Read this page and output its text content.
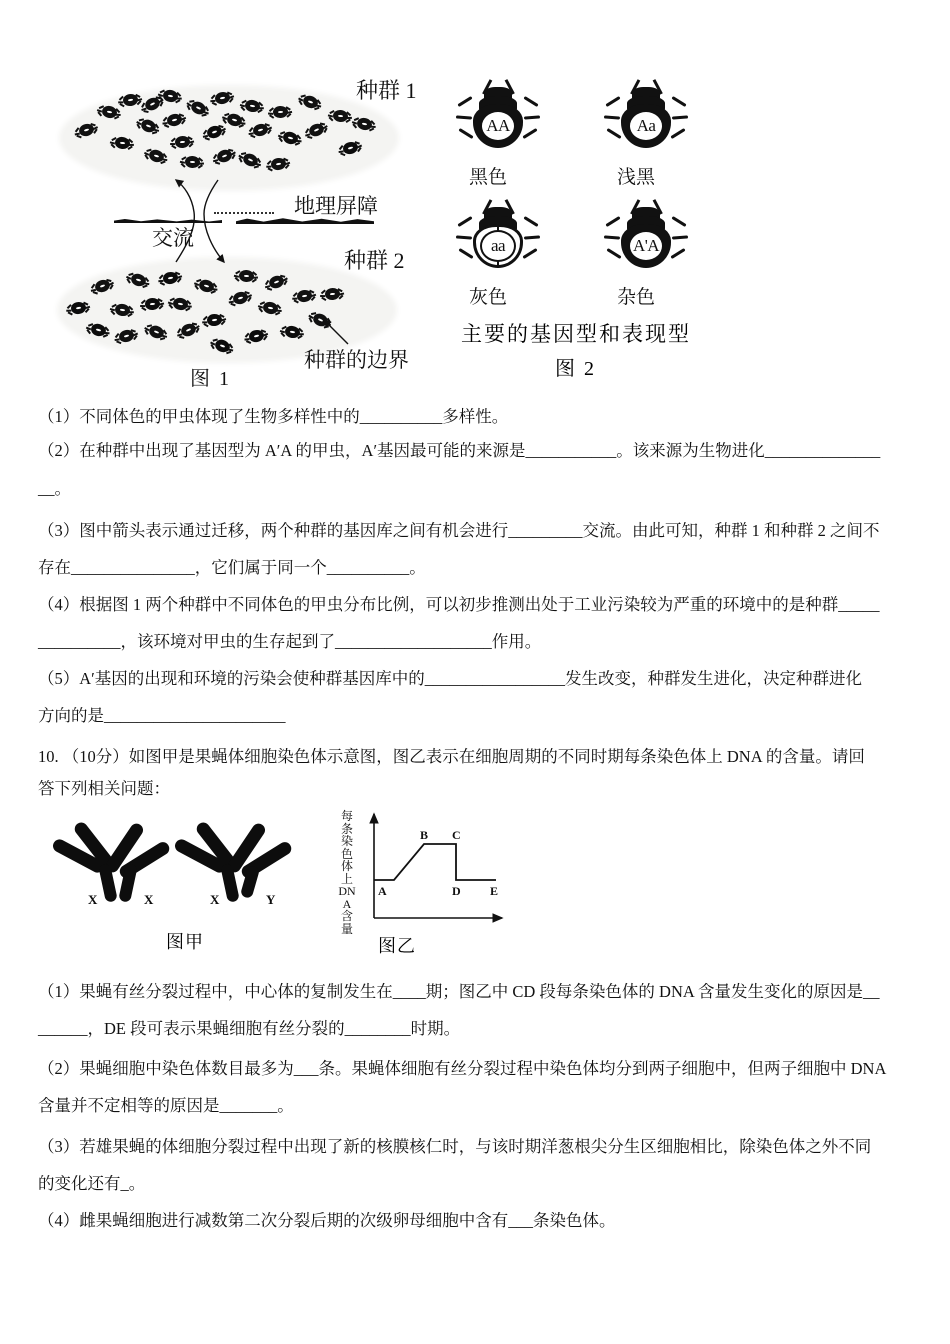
种群 1
种群 2
地理屏障
交流
种群的边界
图 1
AA
黑色
Aa
浅黑
aa
灰色
A'A
杂色
主要的基因型和表现型
图 2
（1）不同体色的甲虫体现了生物多样性中的__________多样性。
（2）在种群中出现了基因型为 A′A 的甲虫，A′基因最可能的来源是___________。该来源为生物进化______________
__。
（3）图中箭头表示通过迁移，两个种群的基因库之间有机会进行_________交流。由此可知，种群 1 和种群 2 之间不
存在_______________，它们属于同一个__________。
（4）根据图 1 两个种群中不同体色的甲虫分布比例，可以初步推测出处于工业污染较为严重的环境中的是种群_____
__________，该环境对甲虫的生存起到了___________________作用。
（5）A′基因的出现和环境的污染会使种群基因库中的_________________发生改变，种群发生进化，决定种群进化
方向的是______________________
10. （10分）如图甲是果蝇体细胞染色体示意图，图乙表示在细胞周期的不同时期每条染色体上 DNA 的含量。请回
答下列相关问题：
X	X	X	Y
图甲
每条染色体上DNA含量
A
B C
D E
图乙
（1）果蝇有丝分裂过程中，中心体的复制发生在____期；图乙中 CD 段每条染色体的 DNA 含量发生变化的原因是__
______，DE 段可表示果蝇细胞有丝分裂的________时期。
（2）果蝇细胞中染色体数目最多为___条。果蝇体细胞有丝分裂过程中染色体均分到两子细胞中，但两子细胞中 DNA
含量并不定相等的原因是_______。
（3）若雄果蝇的体细胞分裂过程中出现了新的核膜核仁时，与该时期洋葱根尖分生区细胞相比，除染色体之外不同
的变化还有_。
（4）雌果蝇细胞进行减数第二次分裂后期的次级卵母细胞中含有___条染色体。
